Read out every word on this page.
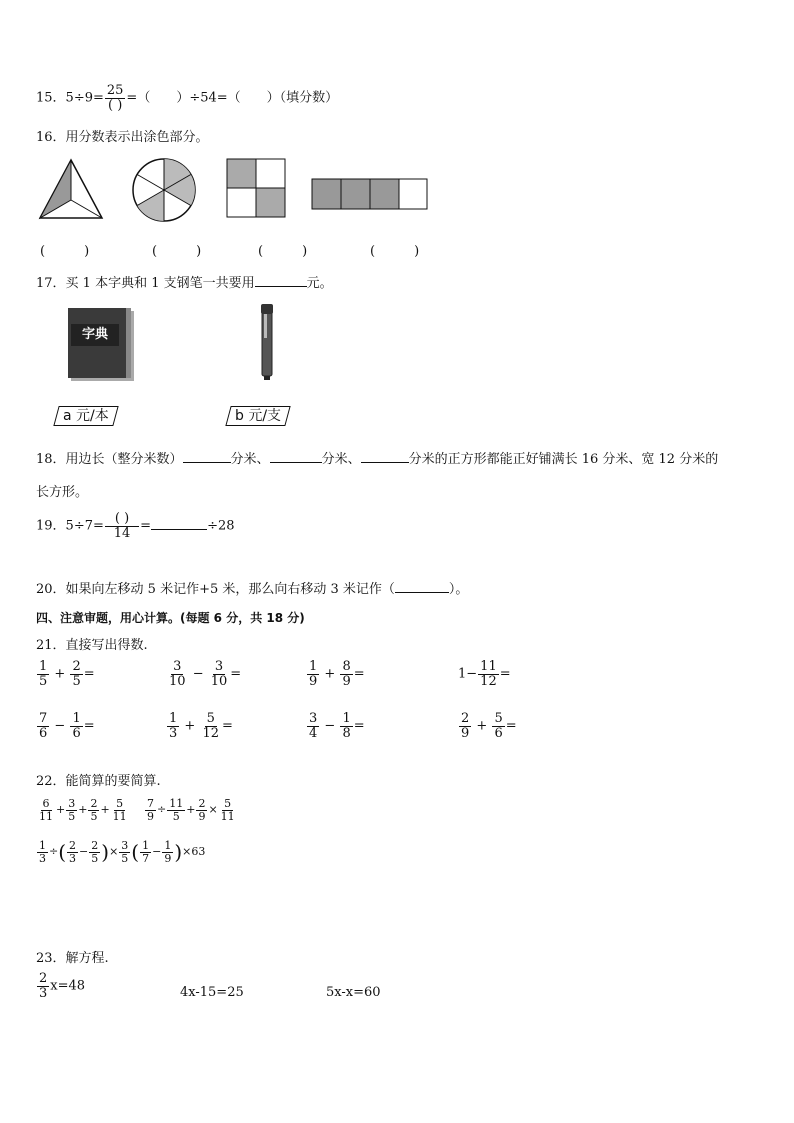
15．$5\div 9= \frac{25}{( )}$ =（　　）÷54=（　　）（填分数）
16．用分数表示出涂色部分。
(　　　)	(　　　)	(　　　)	(　　　)
17．买 1 本字典和 1 支钢笔一共要用	元。
字典
a 元/本	b 元/支
18．用边长（整分米数）	分米、	分米、	分米的正方形都能正好铺满长 16 分米、宽 12 分米的
长方形。
19．$5\div 7= \frac{( )}{14}$ =	÷28
20．如果向左移动 5 米记作+5 米，那么向右移动 3 米记作（	）。
四、注意审题，用心计算。(每题 6 分，共 18 分)
21．直接写出得数.
$\frac{1}{5} + \frac{2}{5}$ =	$\frac{3}{10} - \frac{3}{10}$ =	$\frac{1}{9} + \frac{8}{9}$ =	$1- \frac{11}{12}$ =
$\frac{7}{6} - \frac{1}{6}$ =	$\frac{1}{3} + \frac{5}{12}$ =	$\frac{3}{4} - \frac{1}{8}$ =	$\frac{2}{9} + \frac{5}{6}$ =
22．能简算的要简算.
$\frac{6}{11} + \frac{3}{5} + \frac{2}{5} + \frac{5}{11} \frac{7}{9} \div \frac{11}{5} + \frac{2}{9} \times \frac{5}{11}$
$\frac{1}{3}$ ÷( $\frac{2}{3} - \frac{2}{5}$ )× $\frac{3}{5}$ ( $\frac{1}{7} - \frac{1}{9} )\times 63$
23．解方程.
$\frac{2}{3} x=48$	4x-15=25	5x-x=60
